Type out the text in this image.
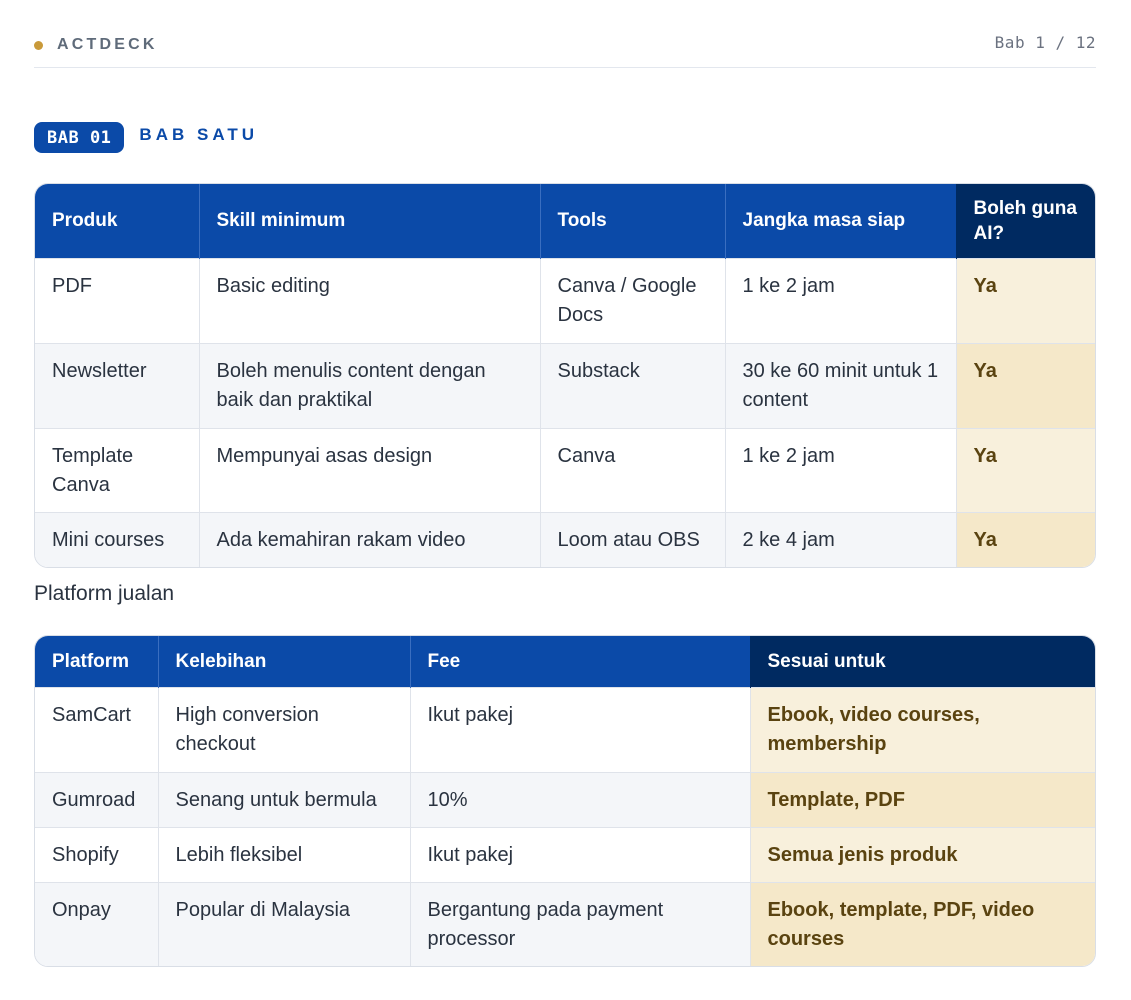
ACTDECK	Bab 1 / 12
BAB 01	BAB SATU
Produk	Skill minimum	Tools	Jangka masa siap	Boleh guna AI?
PDF	Basic editing	Canva / Google Docs	1 ke 2 jam	Ya
Newsletter	Boleh menulis content dengan baik dan praktikal	Substack	30 ke 60 minit untuk 1 content	Ya
Template Canva	Mempunyai asas design	Canva	1 ke 2 jam	Ya
Mini courses	Ada kemahiran rakam video	Loom atau OBS	2 ke 4 jam	Ya
Platform jualan
Platform	Kelebihan	Fee	Sesuai untuk
SamCart	High conversion checkout	Ikut pakej	Ebook, video courses, membership
Gumroad	Senang untuk bermula	10%	Template, PDF
Shopify	Lebih fleksibel	Ikut pakej	Semua jenis produk
Onpay	Popular di Malaysia	Bergantung pada payment processor	Ebook, template, PDF, video courses
